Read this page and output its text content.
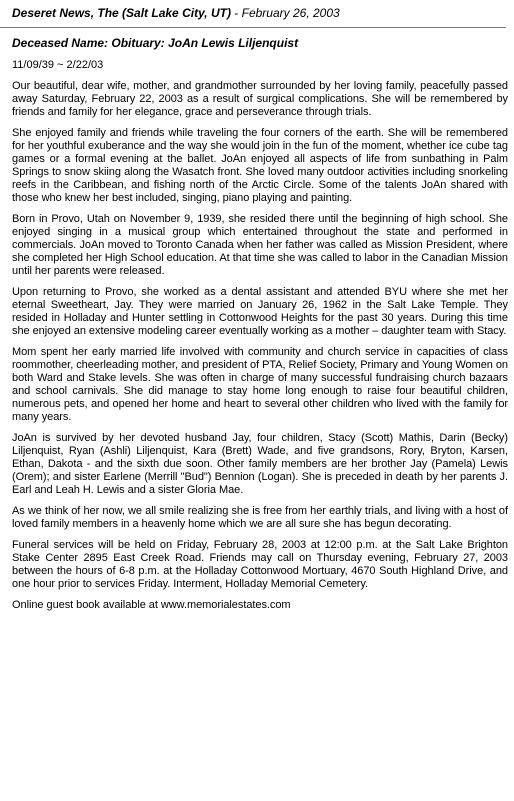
Deseret News, The (Salt Lake City, UT) - February 26, 2003
Deceased Name: Obituary: JoAn Lewis Liljenquist
11/09/39 ~ 2/22/03

Our beautiful, dear wife, mother, and grandmother surrounded by her loving family, peacefully passed away Saturday, February 22, 2003 as a result of surgical complications. She will be remembered by friends and family for her elegance, grace and perseverance through trials.

She enjoyed family and friends while traveling the four corners of the earth. She will be remembered for her youthful exuberance and the way she would join in the fun of the moment, whether ice cube tag games or a formal evening at the ballet. JoAn enjoyed all aspects of life from sunbathing in Palm Springs to snow skiing along the Wasatch front. She loved many outdoor activities including snorkeling reefs in the Caribbean, and fishing north of the Arctic Circle. Some of the talents JoAn shared with those who knew her best included, singing, piano playing and painting.

Born in Provo, Utah on November 9, 1939, she resided there until the beginning of high school. She enjoyed singing in a musical group which entertained throughout the state and performed in commercials. JoAn moved to Toronto Canada when her father was called as Mission President, where she completed her High School education. At that time she was called to labor in the Canadian Mission until her parents were released.

Upon returning to Provo, she worked as a dental assistant and attended BYU where she met her eternal Sweetheart, Jay. They were married on January 26, 1962 in the Salt Lake Temple. They resided in Holladay and Hunter settling in Cottonwood Heights for the past 30 years. During this time she enjoyed an extensive modeling career eventually working as a mother – daughter team with Stacy.

Mom spent her early married life involved with community and church service in capacities of class roommother, cheerleading mother, and president of PTA, Relief Society, Primary and Young Women on both Ward and Stake levels. She was often in charge of many successful fundraising church bazaars and school carnivals. She did manage to stay home long enough to raise four beautiful children, numerous pets, and opened her home and heart to several other children who lived with the family for many years.

JoAn is survived by her devoted husband Jay, four children, Stacy (Scott) Mathis, Darin (Becky) Liljenquist, Ryan (Ashli) Liljenquist, Kara (Brett) Wade, and five grandsons, Rory, Bryton, Karsen, Ethan, Dakota - and the sixth due soon. Other family members are her brother Jay (Pamela) Lewis (Orem); and sister Earlene (Merrill "Bud") Bennion (Logan). She is preceded in death by her parents J. Earl and Leah H. Lewis and a sister Gloria Mae.

As we think of her now, we all smile realizing she is free from her earthly trials, and living with a host of loved family members in a heavenly home which we are all sure she has begun decorating.

Funeral services will be held on Friday, February 28, 2003 at 12:00 p.m. at the Salt Lake Brighton Stake Center 2895 East Creek Road. Friends may call on Thursday evening, February 27, 2003 between the hours of 6-8 p.m. at the Holladay Cottonwood Mortuary, 4670 South Highland Drive, and one hour prior to services Friday. Interment, Holladay Memorial Cemetery.

Online guest book available at www.memorialestates.com
